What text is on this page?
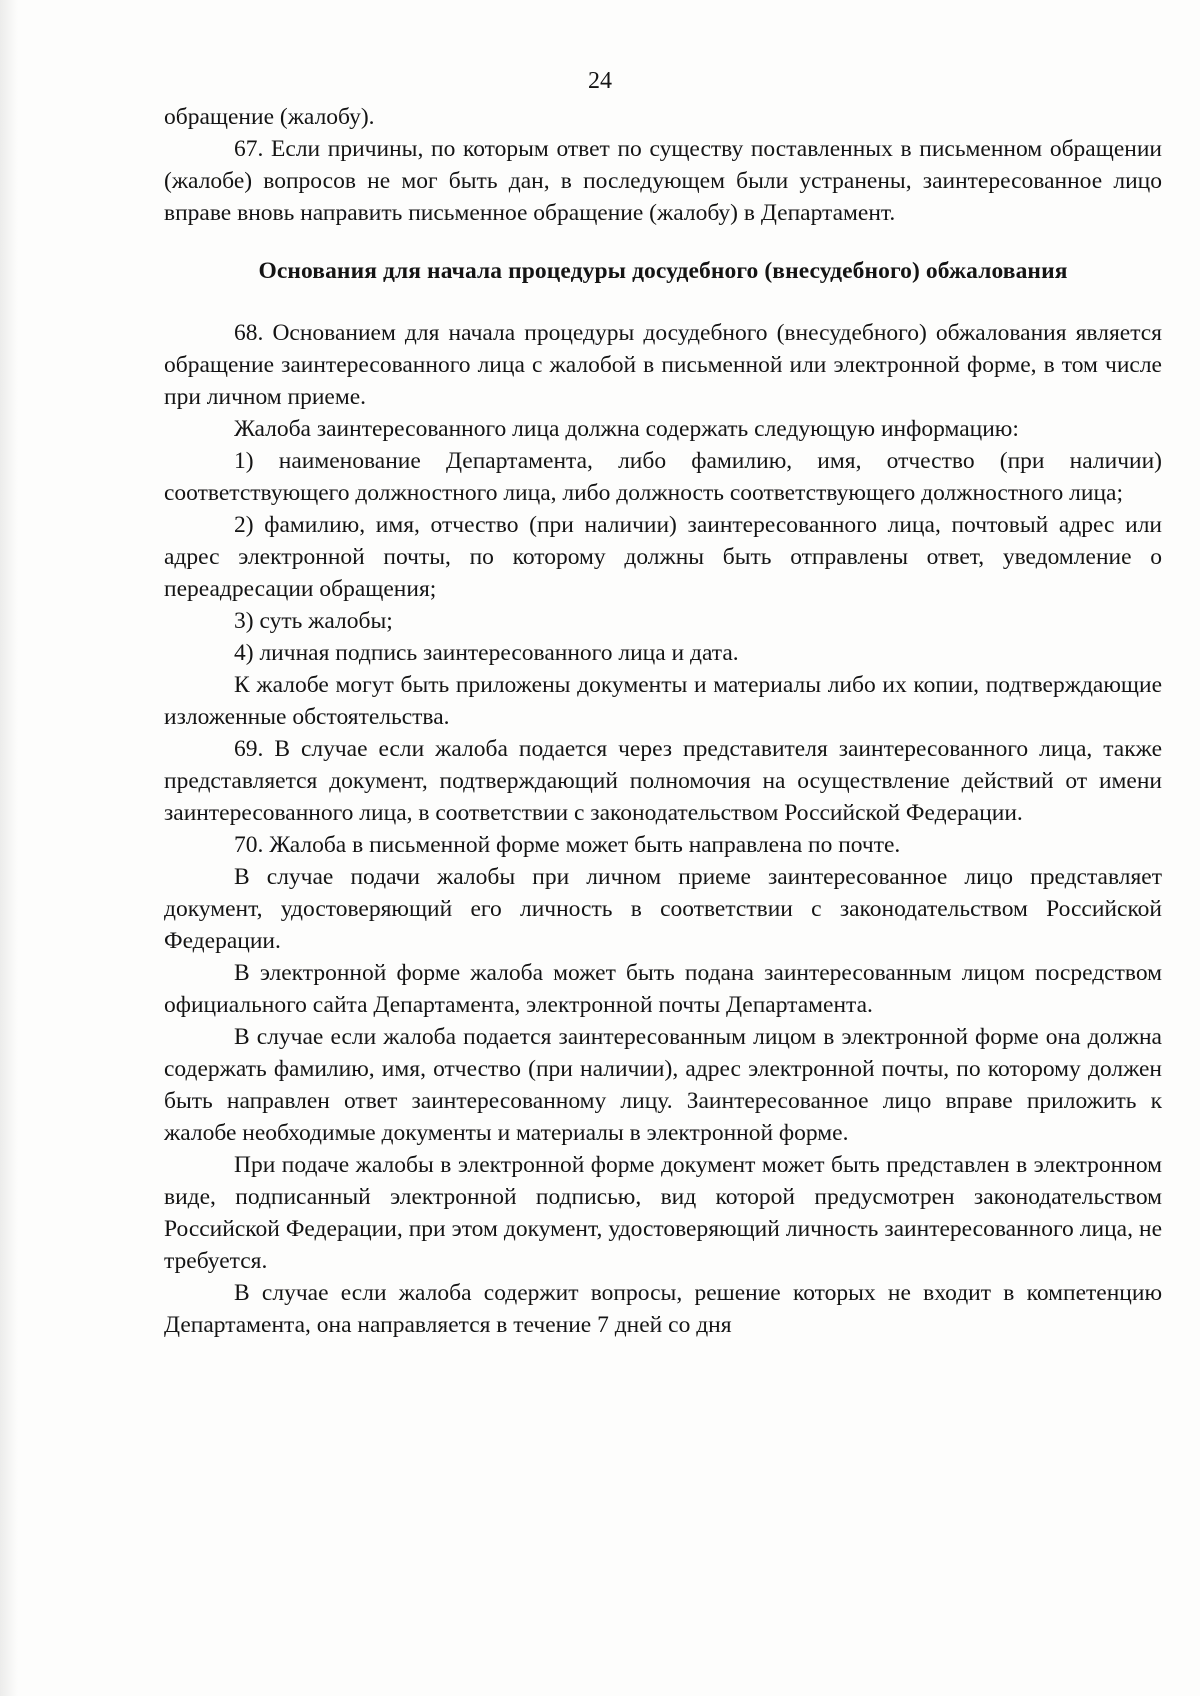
24

обращение (жалобу).

67. Если причины, по которым ответ по существу поставленных в письменном обращении (жалобе) вопросов не мог быть дан, в последующем были устранены, заинтересованное лицо вправе вновь направить письменное обращение (жалобу) в Департамент.

Основания для начала процедуры досудебного (внесудебного) обжалования

68. Основанием для начала процедуры досудебного (внесудебного) обжалования является обращение заинтересованного лица с жалобой в письменной или электронной форме, в том числе при личном приеме.

Жалоба заинтересованного лица должна содержать следующую информацию:

1) наименование Департамента, либо фамилию, имя, отчество (при наличии) соответствующего должностного лица, либо должность соответствующего должностного лица;

2) фамилию, имя, отчество (при наличии) заинтересованного лица, почтовый адрес или адрес электронной почты, по которому должны быть отправлены ответ, уведомление о переадресации обращения;

3) суть жалобы;

4) личная подпись заинтересованного лица и дата.

К жалобе могут быть приложены документы и материалы либо их копии, подтверждающие изложенные обстоятельства.

69. В случае если жалоба подается через представителя заинтересованного лица, также представляется документ, подтверждающий полномочия на осуществление действий от имени заинтересованного лица, в соответствии с законодательством Российской Федерации.

70. Жалоба в письменной форме может быть направлена по почте.

В случае подачи жалобы при личном приеме заинтересованное лицо представляет документ, удостоверяющий его личность в соответствии с законодательством Российской Федерации.

В электронной форме жалоба может быть подана заинтересованным лицом посредством официального сайта Департамента, электронной почты Департамента.

В случае если жалоба подается заинтересованным лицом в электронной форме она должна содержать фамилию, имя, отчество (при наличии), адрес электронной почты, по которому должен быть направлен ответ заинтересованному лицу. Заинтересованное лицо вправе приложить к жалобе необходимые документы и материалы в электронной форме.

При подаче жалобы в электронной форме документ может быть представлен в электронном виде, подписанный электронной подписью, вид которой предусмотрен законодательством Российской Федерации, при этом документ, удостоверяющий личность заинтересованного лица, не требуется.

В случае если жалоба содержит вопросы, решение которых не входит в компетенцию Департамента, она направляется в течение 7 дней со дня
